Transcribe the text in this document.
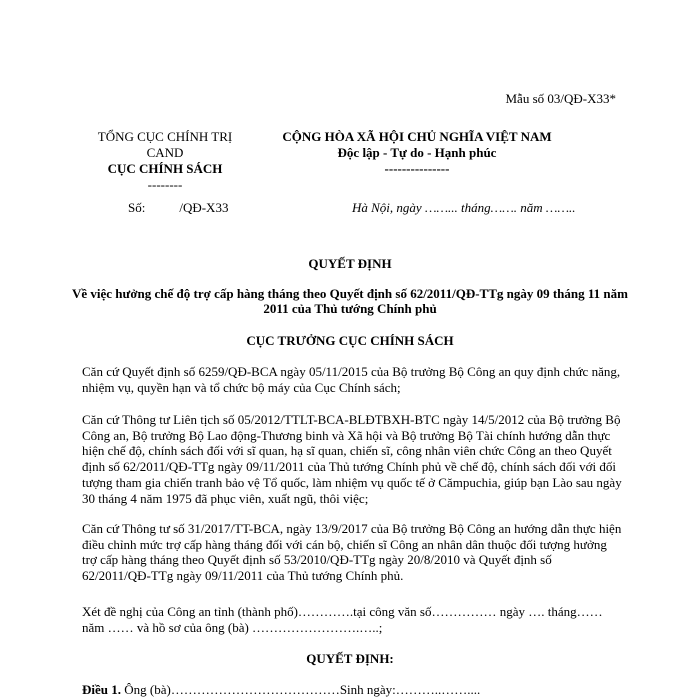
Mẫu số 03/QĐ-X33*
TỔNG CỤC CHÍNH TRỊ
CAND
CỤC CHÍNH SÁCH
--------
CỘNG HÒA XÃ HỘI CHỦ NGHĨA VIỆT NAM
Độc lập - Tự do - Hạnh phúc
---------------
Số:	/QĐ-X33	Hà Nội, ngày ……... tháng……. năm ……..
QUYẾT ĐỊNH
Về việc hưởng chế độ trợ cấp hàng tháng theo Quyết định số 62/2011/QĐ-TTg ngày 09 tháng 11 năm 2011 của Thủ tướng Chính phủ
CỤC TRƯỞNG CỤC CHÍNH SÁCH

Căn cứ Quyết định số 6259/QĐ-BCA ngày 05/11/2015 của Bộ trưởng Bộ Công an quy định chức năng, nhiệm vụ, quyền hạn và tổ chức bộ máy của Cục Chính sách;

Căn cứ Thông tư Liên tịch số 05/2012/TTLT-BCA-BLĐTBXH-BTC ngày 14/5/2012 của Bộ trưởng Bộ Công an, Bộ trưởng Bộ Lao động-Thương binh và Xã hội và Bộ trưởng Bộ Tài chính hướng dẫn thực hiện chế độ, chính sách đối với sĩ quan, hạ sĩ quan, chiến sĩ, công nhân viên chức Công an theo Quyết định số 62/2011/QĐ-TTg ngày 09/11/2011 của Thủ tướng Chính phủ về chế độ, chính sách đối với đối tượng tham gia chiến tranh bảo vệ Tổ quốc, làm nhiệm vụ quốc tế ở Cămpuchia, giúp bạn Lào sau ngày 30 tháng 4 năm 1975 đã phục viên, xuất ngũ, thôi việc;

Căn cứ Thông tư số 31/2017/TT-BCA, ngày 13/9/2017 của Bộ trưởng Bộ Công an hướng dẫn thực hiện điều chỉnh mức trợ cấp hàng tháng đối với cán bộ, chiến sĩ Công an nhân dân thuộc đối tượng hưởng trợ cấp hàng tháng theo Quyết định số 53/2010/QĐ-TTg ngày 20/8/2010 và Quyết định số 62/2011/QĐ-TTg ngày 09/11/2011 của Thủ tướng Chính phủ.

Xét đề nghị của Công an tỉnh (thành phố)………….tại công văn số…………… ngày …. tháng…… năm …… và hồ sơ của ông (bà) …………………….…..;

QUYẾT ĐỊNH:
Điều 1. Ông (bà)…………………………………Sinh ngày:………..……....
